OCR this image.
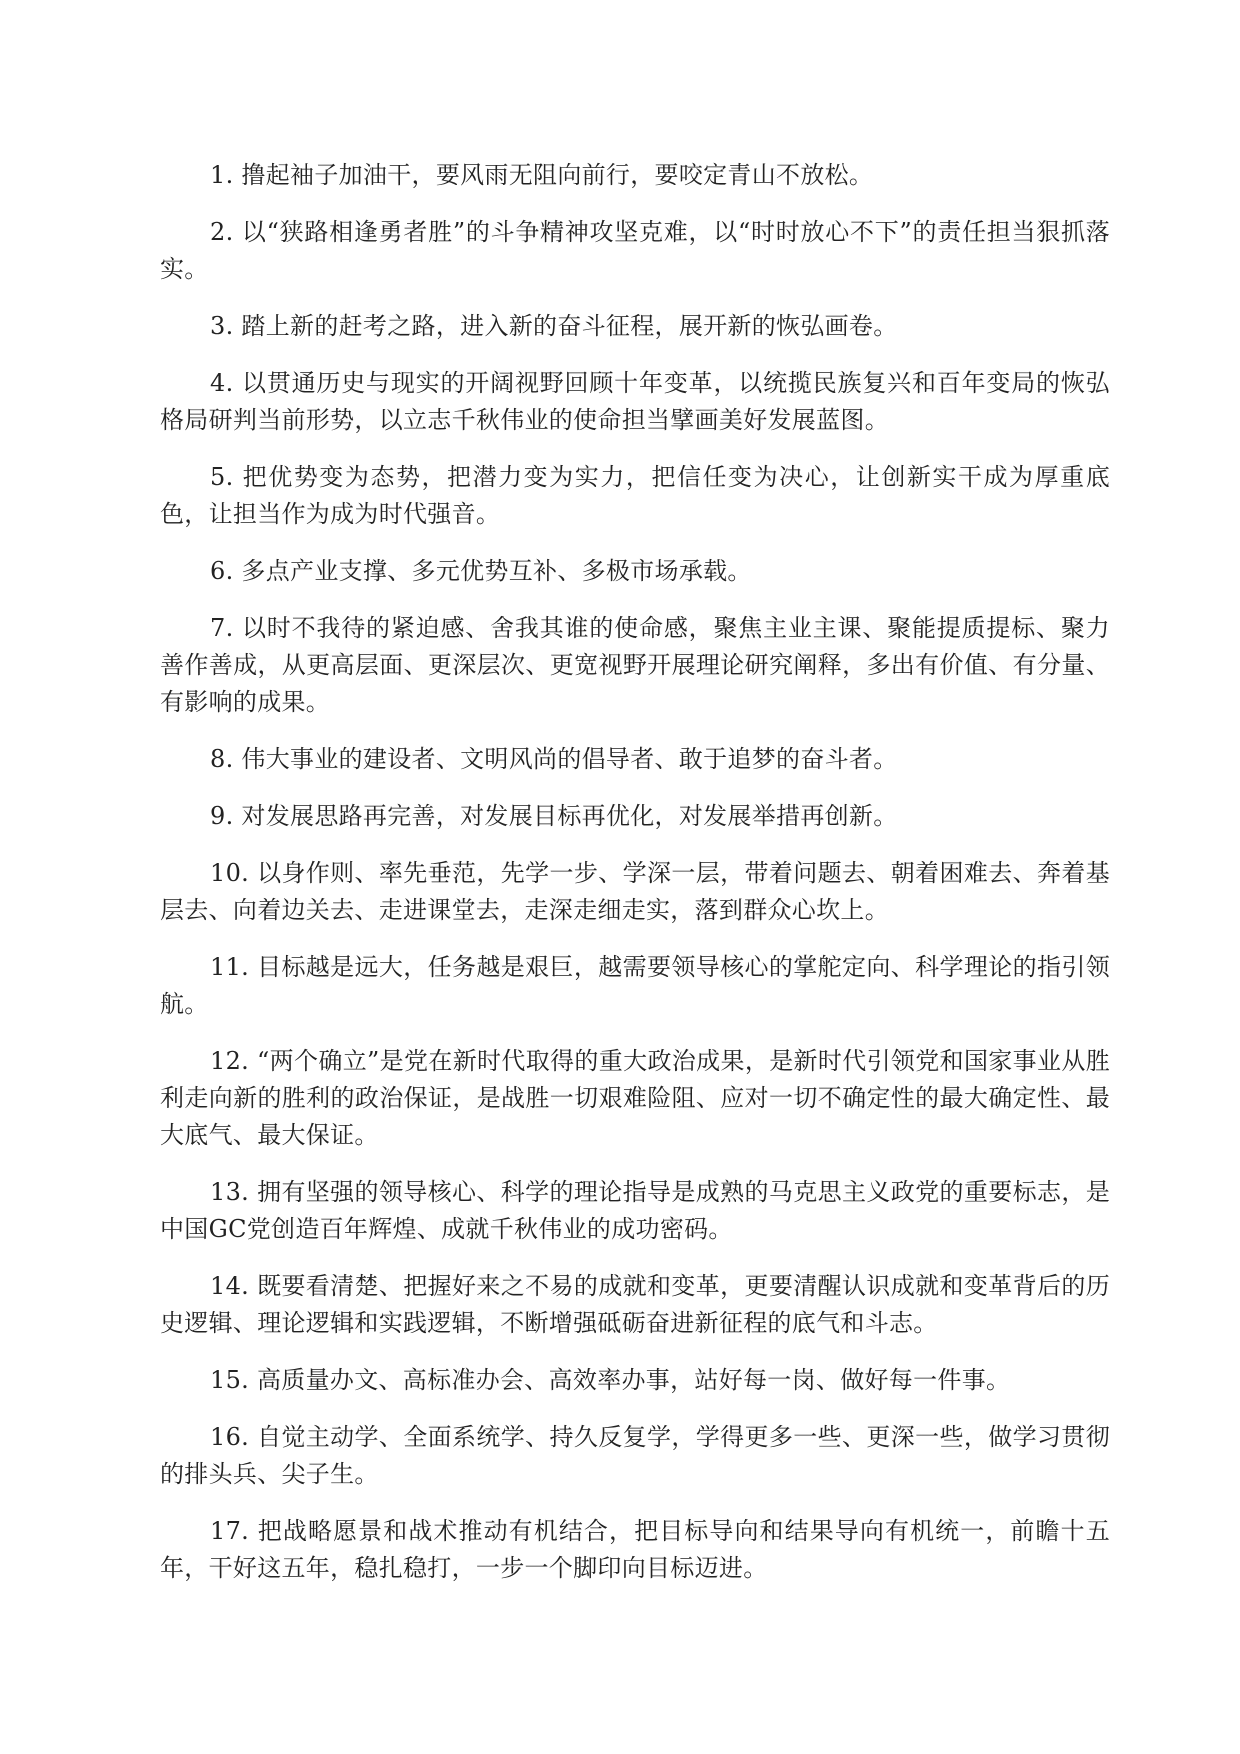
1. 撸起袖子加油干，要风雨无阻向前行，要咬定青山不放松。

2. 以“狭路相逢勇者胜”的斗争精神攻坚克难，以“时时放心不下”的责任担当狠抓落实。

3. 踏上新的赶考之路，进入新的奋斗征程，展开新的恢弘画卷。

4. 以贯通历史与现实的开阔视野回顾十年变革，以统揽民族复兴和百年变局的恢弘格局研判当前形势，以立志千秋伟业的使命担当擘画美好发展蓝图。

5. 把优势变为态势，把潜力变为实力，把信任变为决心，让创新实干成为厚重底色，让担当作为成为时代强音。

6. 多点产业支撑、多元优势互补、多极市场承载。

7. 以时不我待的紧迫感、舍我其谁的使命感，聚焦主业主课、聚能提质提标、聚力善作善成，从更高层面、更深层次、更宽视野开展理论研究阐释，多出有价值、有分量、有影响的成果。

8. 伟大事业的建设者、文明风尚的倡导者、敢于追梦的奋斗者。

9. 对发展思路再完善，对发展目标再优化，对发展举措再创新。

10. 以身作则、率先垂范，先学一步、学深一层，带着问题去、朝着困难去、奔着基层去、向着边关去、走进课堂去，走深走细走实，落到群众心坎上。

11. 目标越是远大，任务越是艰巨，越需要领导核心的掌舵定向、科学理论的指引领航。

12. “两个确立”是党在新时代取得的重大政治成果，是新时代引领党和国家事业从胜利走向新的胜利的政治保证，是战胜一切艰难险阻、应对一切不确定性的最大确定性、最大底气、最大保证。

13. 拥有坚强的领导核心、科学的理论指导是成熟的马克思主义政党的重要标志，是中国GC党创造百年辉煌、成就千秋伟业的成功密码。

14. 既要看清楚、把握好来之不易的成就和变革，更要清醒认识成就和变革背后的历史逻辑、理论逻辑和实践逻辑，不断增强砥砺奋进新征程的底气和斗志。

15. 高质量办文、高标准办会、高效率办事，站好每一岗、做好每一件事。

16. 自觉主动学、全面系统学、持久反复学，学得更多一些、更深一些，做学习贯彻的排头兵、尖子生。

17. 把战略愿景和战术推动有机结合，把目标导向和结果导向有机统一，前瞻十五年，干好这五年，稳扎稳打，一步一个脚印向目标迈进。
